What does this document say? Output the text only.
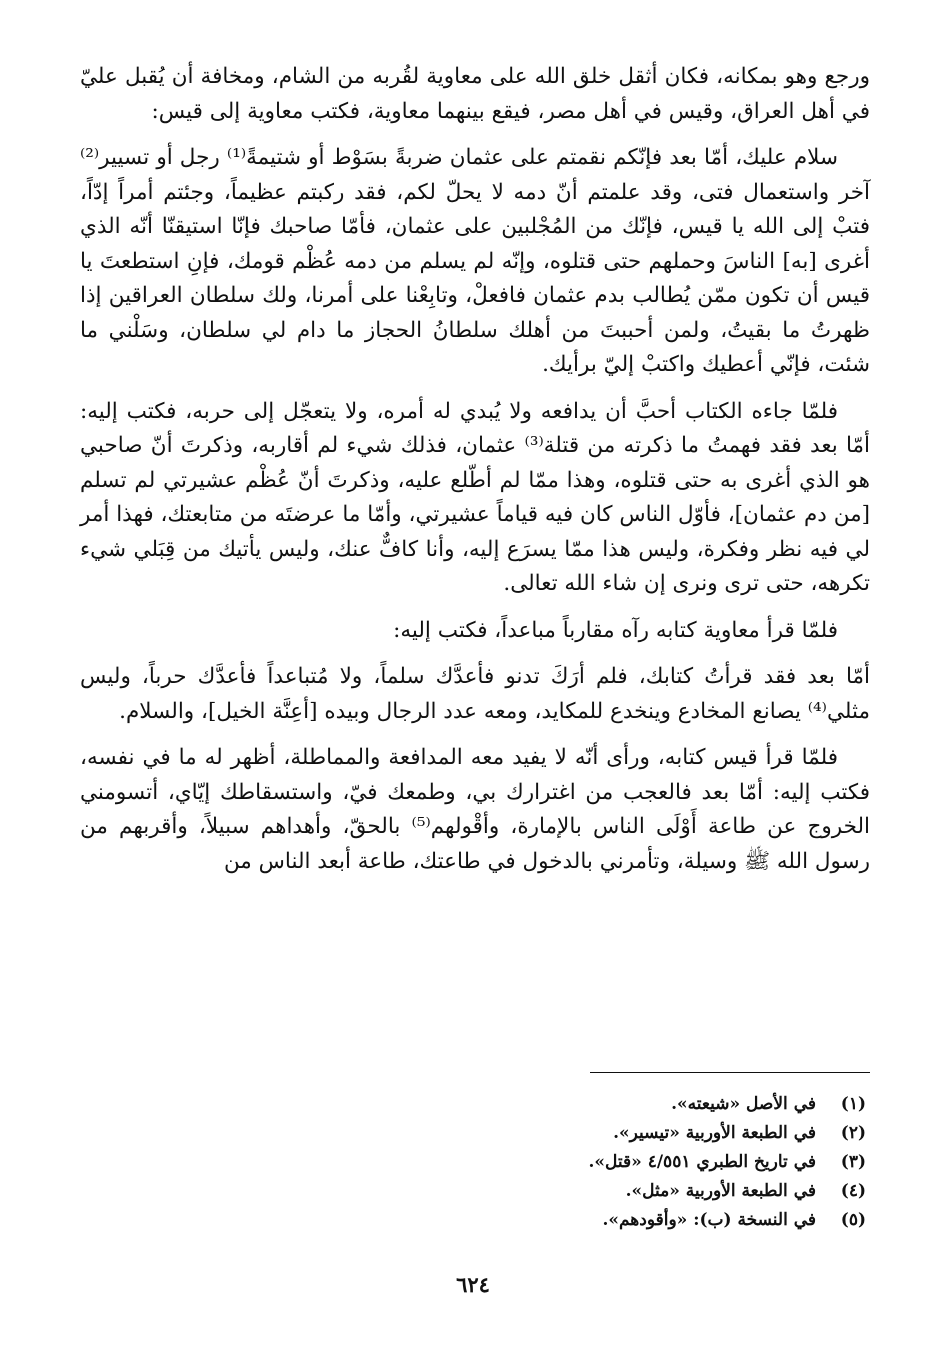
ورجع وهو بمكانه، فكان أثقل خلق الله على معاوية لقُربه من الشام، ومخافة أن يُقبل عليّ في أهل العراق، وقيس في أهل مصر، فيقع بينهما معاوية، فكتب معاوية إلى قيس:

سلام عليك، أمّا بعد فإنّكم نقمتم على عثمان ضربةً بسَوْط أو شتيمةً⁽¹⁾ رجل أو تسيير⁽²⁾ آخر واستعمال فتى، وقد علمتم أنّ دمه لا يحلّ لكم، فقد ركبتم عظيماً، وجئتم أمراً إدّاً، فتبْ إلى الله يا قيس، فإنّك من المُجْلبين على عثمان، فأمّا صاحبك فإنّا استيقنّا أنّه الذي أغرى [به] الناسَ وحملهم حتى قتلوه، وإنّه لم يسلم من دمه عُظْم قومك، فإنِ استطعتَ يا قيس أن تكون ممّن يُطالب بدم عثمان فافعلْ، وتابِعْنا على أمرنا، ولك سلطان العراقين إذا ظهرتُ ما بقيتُ، ولمن أحببتَ من أهلك سلطانُ الحجاز ما دام لي سلطان، وسَلْني ما شئت، فإنّي أعطيك واكتبْ إليّ برأيك.

فلمّا جاءه الكتاب أحبَّ أن يدافعه ولا يُبدي له أمره، ولا يتعجّل إلى حربه، فكتب إليه: أمّا بعد فقد فهمتُ ما ذكرته من قتلة⁽³⁾ عثمان، فذلك شيء لم أقاربه، وذكرتَ أنّ صاحبي هو الذي أغرى به حتى قتلوه، وهذا ممّا لم أطّلع عليه، وذكرتَ أنّ عُظْم عشيرتي لم تسلم [من دم عثمان]، فأوّل الناس كان فيه قياماً عشيرتي، وأمّا ما عرضتَه من متابعتك، فهذا أمر لي فيه نظر وفكرة، وليس هذا ممّا يسرَع إليه، وأنا كافٌّ عنك، وليس يأتيك من قِبَلي شيء تكرهه، حتى ترى ونرى إن شاء الله تعالى.

فلمّا قرأ معاوية كتابه رآه مقارباً مباعداً، فكتب إليه:

أمّا بعد فقد قرأتُ كتابك، فلم أرَكَ تدنو فأعدَّك سلماً، ولا مُتباعداً فأعدَّك حرباً، وليس مثلي⁽⁴⁾ يصانع المخادع وينخدع للمكايد، ومعه عدد الرجال وبيده [أعِنَّة الخيل]، والسلام.

فلمّا قرأ قيس كتابه، ورأى أنّه لا يفيد معه المدافعة والمماطلة، أظهر له ما في نفسه، فكتب إليه: أمّا بعد فالعجب من اغترارك بي، وطمعك فيّ، واستسقاطك إيّاي، أتسومني الخروج عن طاعة أَوْلَى الناس بالإمارة، وأقْولهم⁽⁵⁾ بالحقّ، وأهداهم سبيلاً، وأقربهم من رسول الله ﷺ وسيلة، وتأمرني بالدخول في طاعتك، طاعة أبعد الناس من

(١)
في الأصل «شيعته».
(٢)
في الطبعة الأوربية «تيسير».
(٣)
في تاريخ الطبري ٤/٥٥١ «قتل».
(٤)
في الطبعة الأوربية «مثل».
(٥)
في النسخة (ب): «وأقودهم».
٦٢٤
